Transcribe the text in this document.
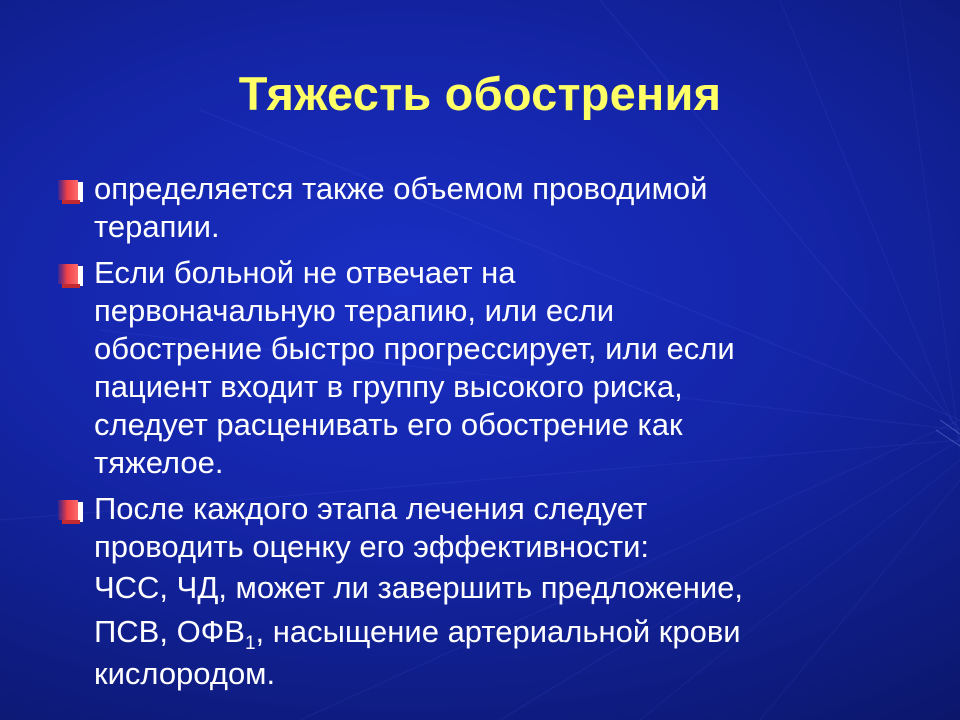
Тяжесть обострения
определяется также объемом проводимой
терапии.
Если больной не отвечает на
первоначальную терапию, или если
обострение быстро прогрессирует, или если
пациент входит в группу высокого риска,
следует расценивать его обострение как
тяжелое.
После каждого этапа лечения следует
проводить оценку его эффективности:
ЧСС, ЧД, может ли завершить предложение,
ПСВ, $ОФВ_1$, насыщение артериальной крови
кислородом.
